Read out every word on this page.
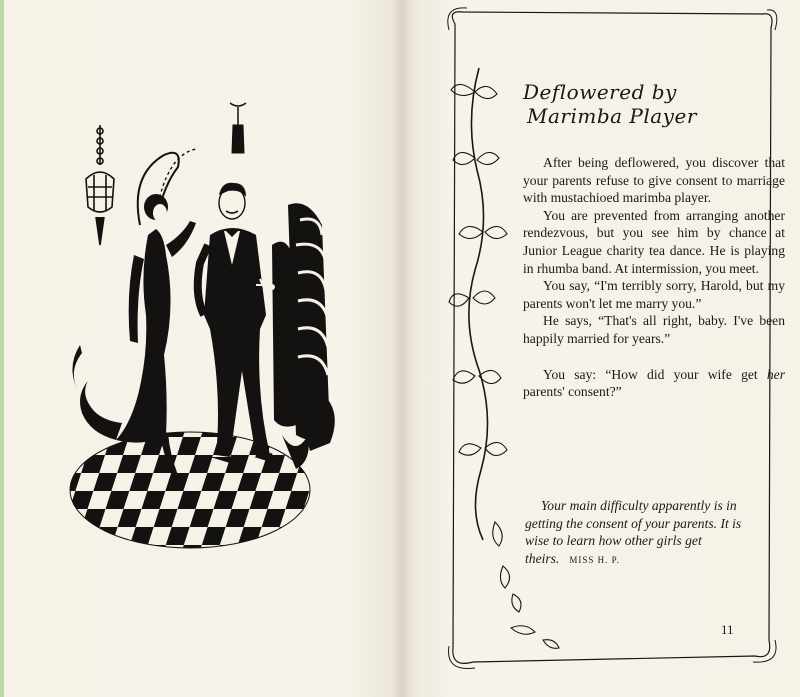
Deflowered by
Marimba Player

After being deflowered, you discover that your parents refuse to give consent to marriage with mustachioed marimba player.

You are prevented from arranging another rendezvous, but you see him by chance at Junior League charity tea dance. He is playing in rhumba band. At intermission, you meet.

You say, “I'm terribly sorry, Harold, but my parents won't let me marry you.”

He says, “That's all right, baby. I've been happily married for years.”

You say: “How did your wife get her parents' consent?”

Your main difficulty apparently is in getting the consent of your parents. It is wise to learn how other girls get theirs. MISS H. P.

11
